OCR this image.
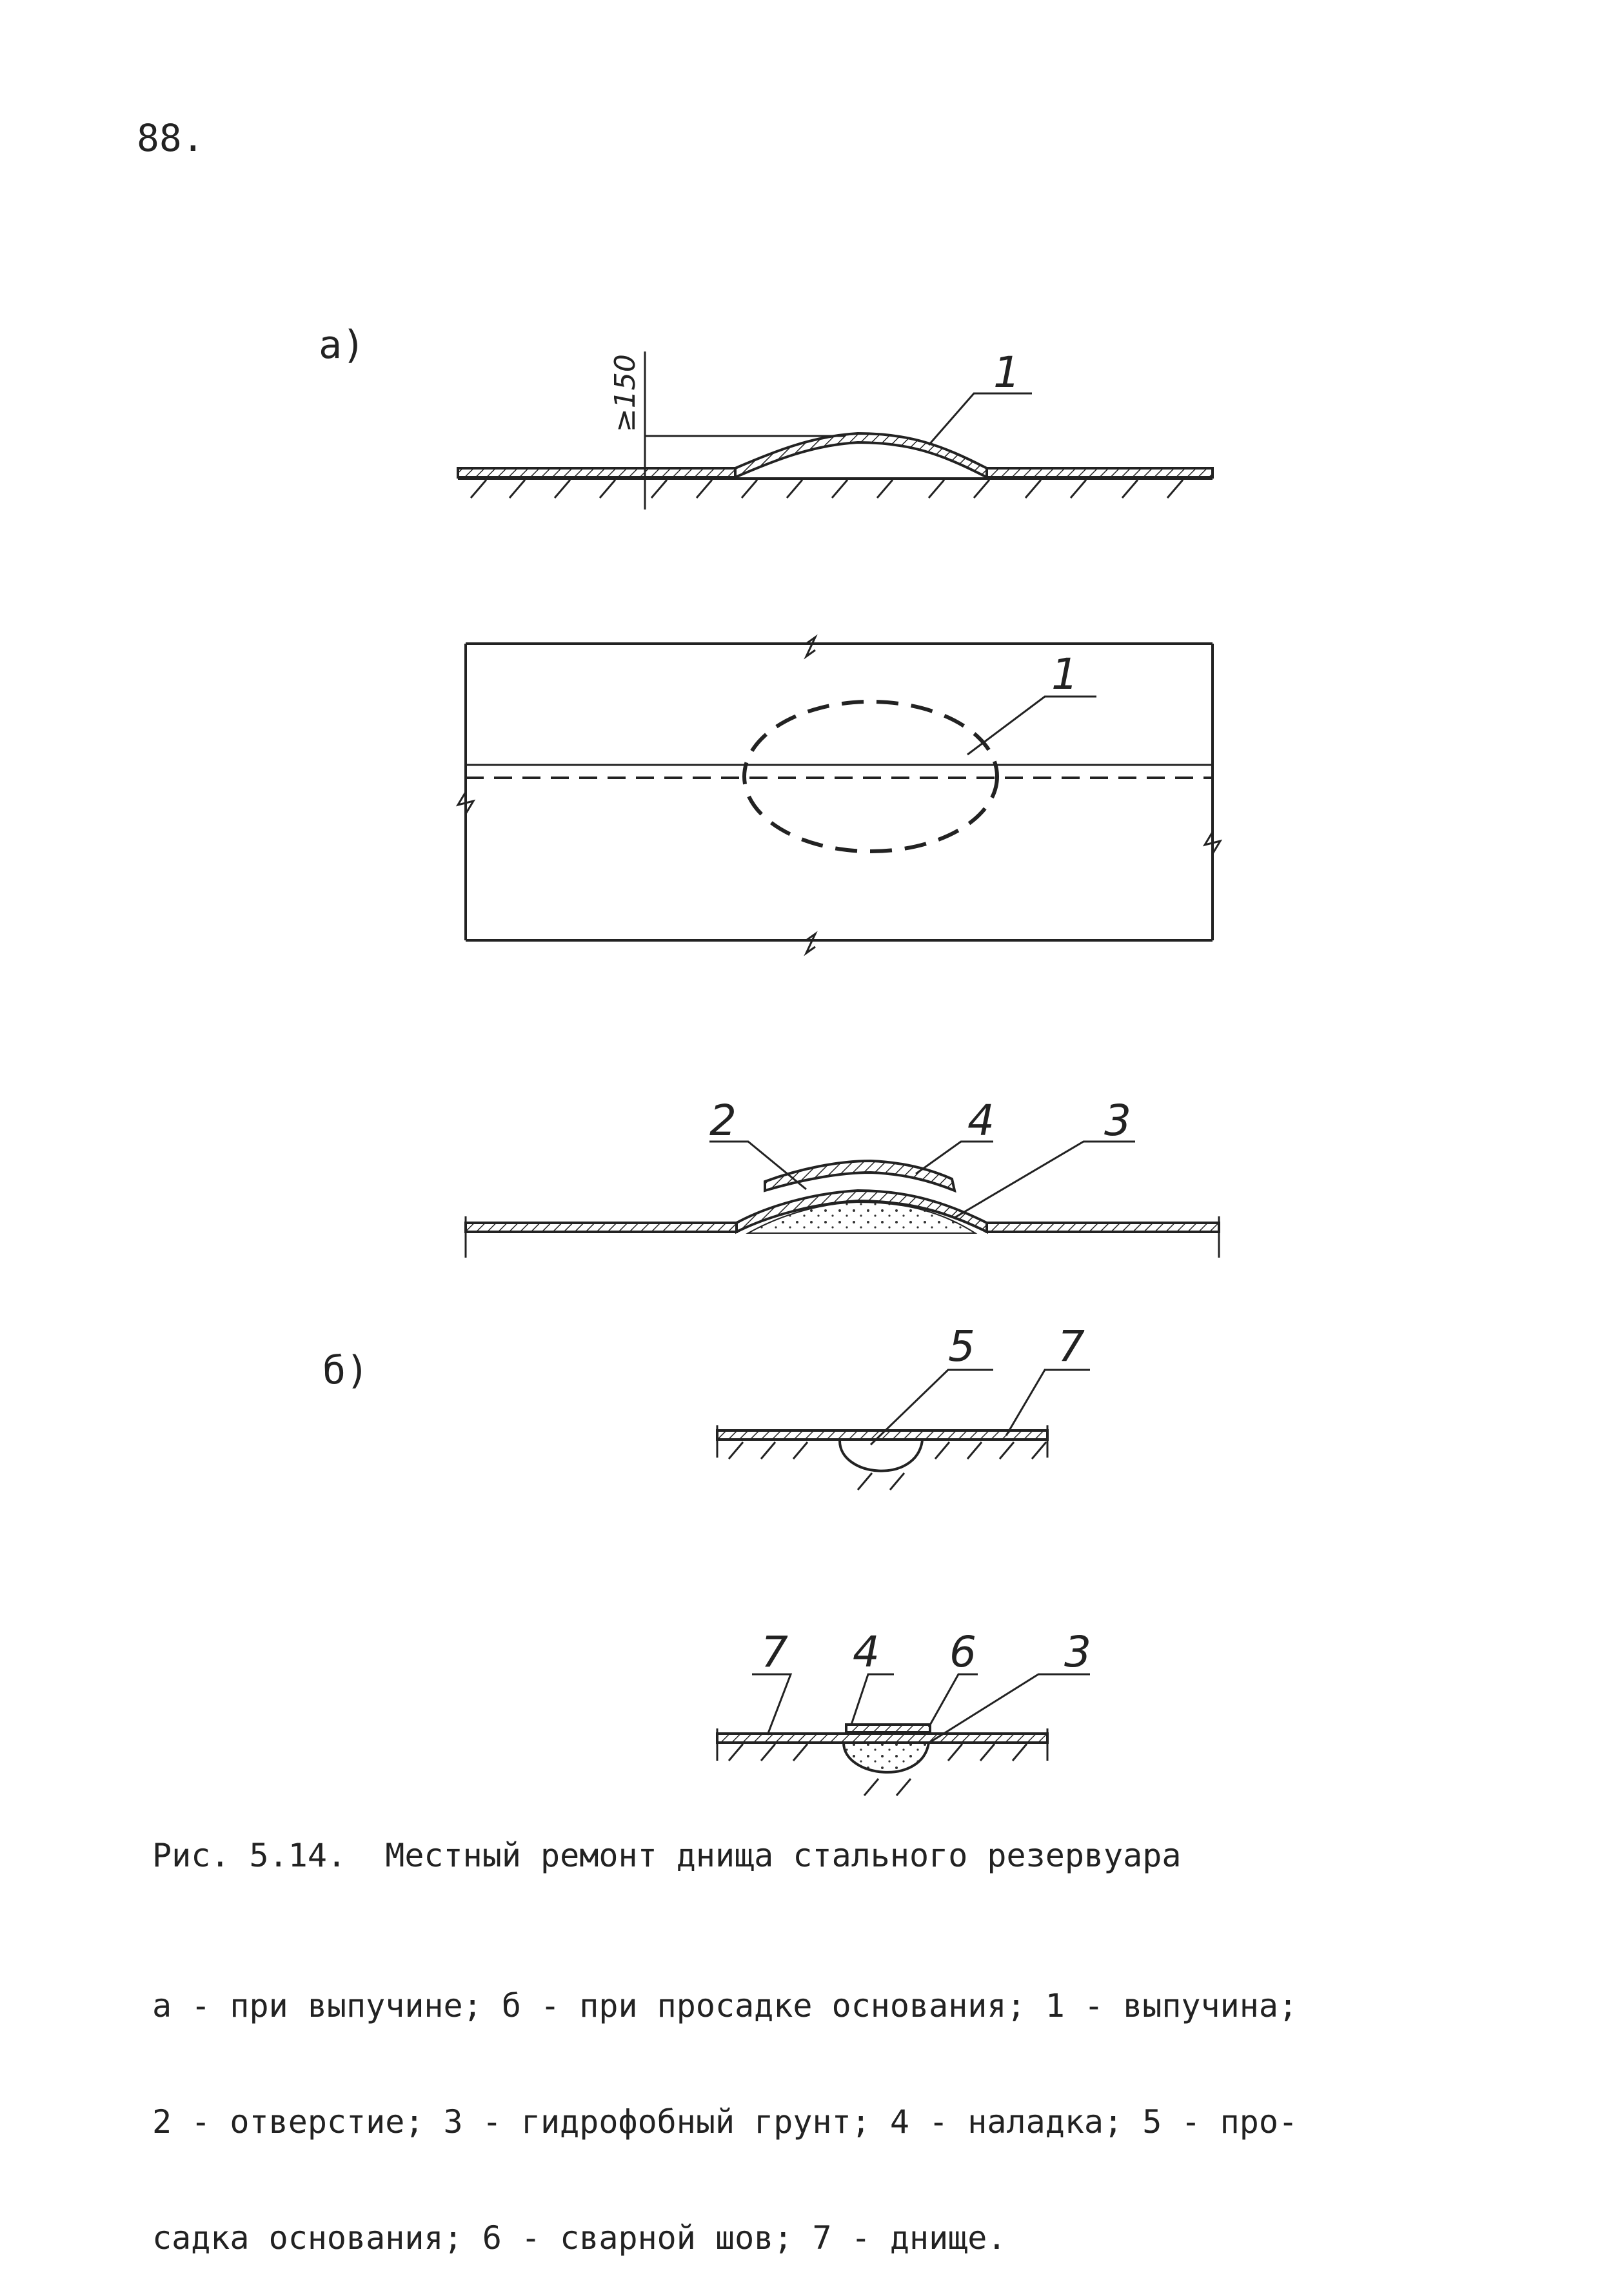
88.
а)
б)
≥150	1
1
2	4	3
5 7
7 4 6 3
Рис. 5.14.  Местный ремонт днища стального резервуара

а - при выпучине; б - при просадке основания; 1 - выпучина;

2 - отверстие; 3 - гидрофобный грунт; 4 - наладка; 5 - про-

садка основания; 6 - сварной шов; 7 - днище.
